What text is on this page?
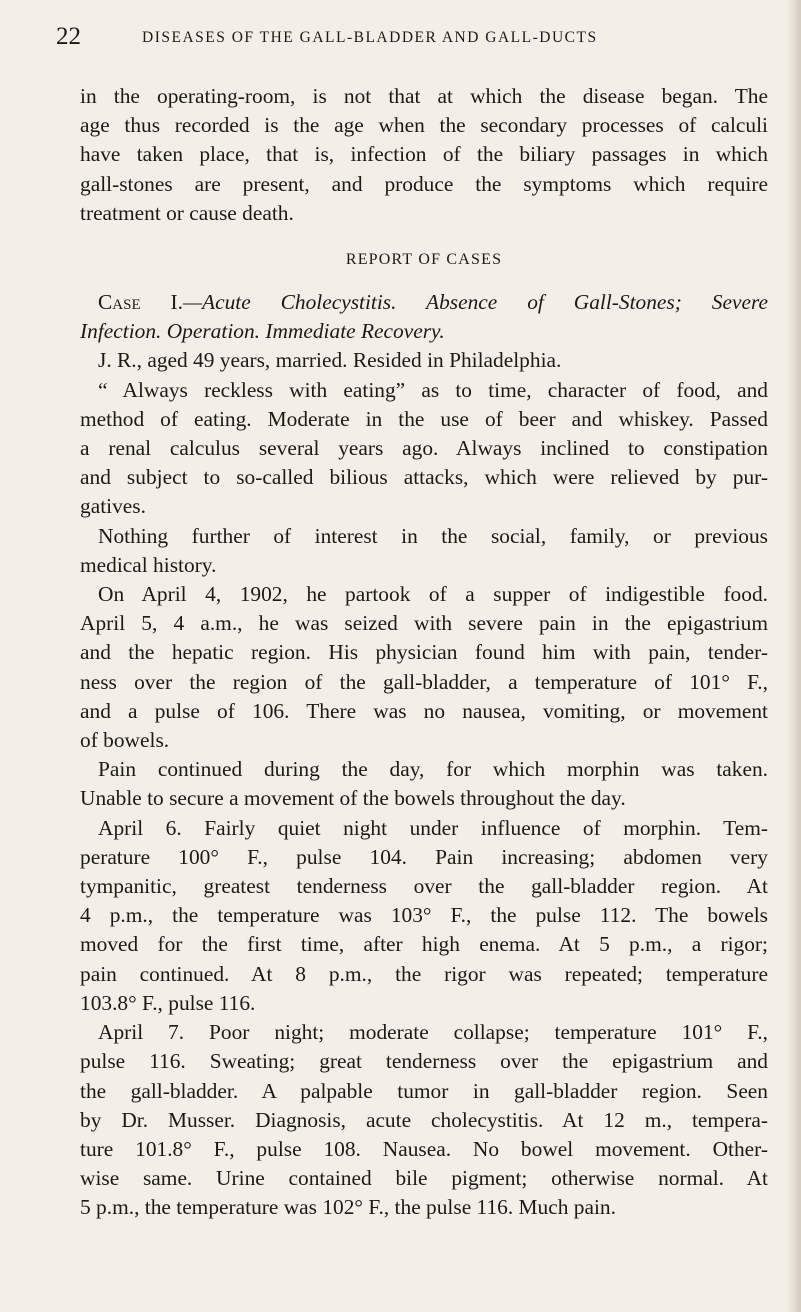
22	DISEASES OF THE GALL-BLADDER AND GALL-DUCTS

in the operating-room, is not that at which the disease began. The

age thus recorded is the age when the secondary processes of calculi

have taken place, that is, infection of the biliary passages in which

gall-stones are present, and produce the symptoms which require

treatment or cause death.

REPORT OF CASES

Case I.—Acute Cholecystitis. Absence of Gall-Stones; Severe

Infection. Operation. Immediate Recovery.

J. R., aged 49 years, married. Resided in Philadelphia.

“ Always reckless with eating” as to time, character of food, and

method of eating. Moderate in the use of beer and whiskey. Passed

a renal calculus several years ago. Always inclined to constipation

and subject to so-called bilious attacks, which were relieved by pur-

gatives.

Nothing further of interest in the social, family, or previous

medical history.

On April 4, 1902, he partook of a supper of indigestible food.

April 5, 4 a.m., he was seized with severe pain in the epigastrium

and the hepatic region. His physician found him with pain, tender-

ness over the region of the gall-bladder, a temperature of 101° F.,

and a pulse of 106. There was no nausea, vomiting, or movement

of bowels.

Pain continued during the day, for which morphin was taken.

Unable to secure a movement of the bowels throughout the day.

April 6. Fairly quiet night under influence of morphin. Tem-

perature 100° F., pulse 104. Pain increasing; abdomen very

tympanitic, greatest tenderness over the gall-bladder region. At

4 p.m., the temperature was 103° F., the pulse 112. The bowels

moved for the first time, after high enema. At 5 p.m., a rigor;

pain continued. At 8 p.m., the rigor was repeated; temperature

103.8° F., pulse 116.

April 7. Poor night; moderate collapse; temperature 101° F.,

pulse 116. Sweating; great tenderness over the epigastrium and

the gall-bladder. A palpable tumor in gall-bladder region. Seen

by Dr. Musser. Diagnosis, acute cholecystitis. At 12 m., tempera-

ture 101.8° F., pulse 108. Nausea. No bowel movement. Other-

wise same. Urine contained bile pigment; otherwise normal. At

5 p.m., the temperature was 102° F., the pulse 116. Much pain.
